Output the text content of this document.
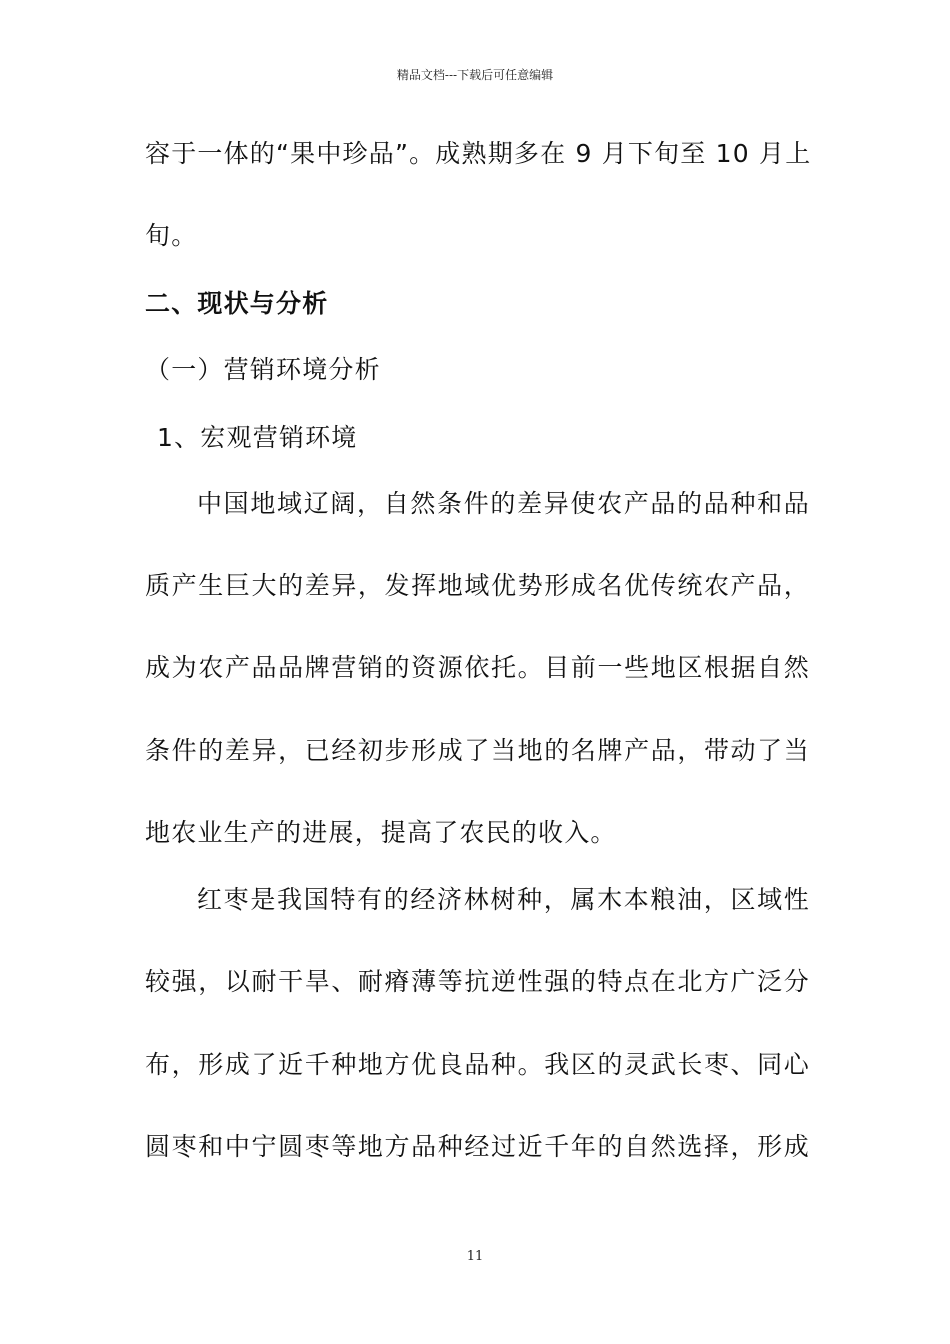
精品文档---下载后可任意编辑
容于一体的“果中珍品”。成熟期多在 9 月下旬至 10 月上
旬。
二、现状与分析
（一）营销环境分析
1、宏观营销环境
中国地域辽阔，自然条件的差异使农产品的品种和品
质产生巨大的差异，发挥地域优势形成名优传统农产品，
成为农产品品牌营销的资源依托。目前一些地区根据自然
条件的差异，已经初步形成了当地的名牌产品，带动了当
地农业生产的进展，提高了农民的收入。
红枣是我国特有的经济林树种，属木本粮油，区域性
较强，以耐干旱、耐瘠薄等抗逆性强的特点在北方广泛分
布，形成了近千种地方优良品种。我区的灵武长枣、同心
圆枣和中宁圆枣等地方品种经过近千年的自然选择，形成
11
